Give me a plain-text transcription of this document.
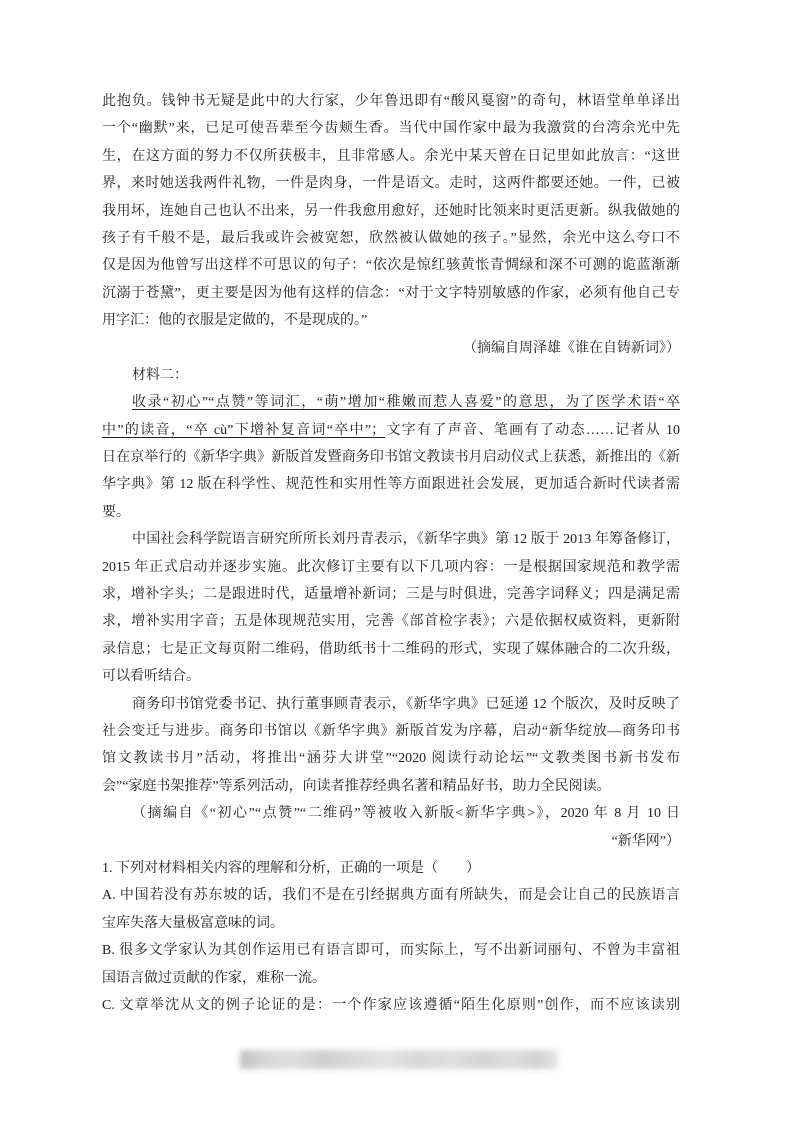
此抱负。钱钟书无疑是此中的大行家，少年鲁迅即有“酸风戛窗”的奇句，林语堂单单译出
一个“幽默”来，已足可使吾辈至今齿颊生香。当代中国作家中最为我激赏的台湾余光中先
生，在这方面的努力不仅所获极丰，且非常感人。余光中某天曾在日记里如此放言：“这世
界，来时她送我两件礼物，一件是肉身，一件是语文。走时，这两件都要还她。一件，已被
我用坏，连她自己也认不出来，另一件我愈用愈好，还她时比领来时更活更新。纵我做她的
孩子有千般不是，最后我或许会被宽恕，欣然被认做她的孩子。”显然，余光中这么夸口不
仅是因为他曾写出这样不可思议的句子：“依次是惊红骇黄怅青惆绿和深不可测的诡蓝渐渐
沉溺于苍黛”，更主要是因为他有这样的信念：“对于文字特别敏感的作家，必须有他自己专
用字汇：他的衣服是定做的，不是现成的。”
（摘编自周泽雄《谁在自铸新词》）
材料二：
收录“初心”“点赞”等词汇，“萌”增加“稚嫩而惹人喜爱”的意思，为了医学术语“卒
中”的读音，“卒 cù”下增补复音词“卒中”；文字有了声音、笔画有了动态……记者从 10
日在京举行的《新华字典》新版首发暨商务印书馆文教读书月启动仪式上获悉，新推出的《新
华字典》第 12 版在科学性、规范性和实用性等方面跟进社会发展，更加适合新时代读者需
要。
中国社会科学院语言研究所所长刘丹青表示，《新华字典》第 12 版于 2013 年筹备修订，
2015 年正式启动并逐步实施。此次修订主要有以下几项内容：一是根据国家规范和教学需
求，增补字头；二是跟进时代，适量增补新词；三是与时俱进，完善字词释义；四是满足需
求，增补实用字音；五是体现规范实用，完善《部首检字表》；六是依据权威资料，更新附
录信息；七是正文每页附二维码，借助纸书十二维码的形式，实现了媒体融合的二次升级，
可以看听结合。
商务印书馆党委书记、执行董事顾青表示，《新华字典》已延递 12 个版次，及时反映了
社会变迁与进步。商务印书馆以《新华字典》新版首发为序幕，启动“新华绽放—商务印书
馆文教读书月”活动，将推出“涵芬大讲堂”“2020 阅读行动论坛”“文教类图书新书发布
会”“家庭书架推荐”等系列活动，向读者推荐经典名著和精品好书，助力全民阅读。
（摘编自《“初心”“点赞”“二维码”等被收入新版<新华字典>》，2020 年 8 月 10 日
“新华网”）
1. 下列对材料相关内容的理解和分析，正确的一项是（　　）
A. 中国若没有苏东坡的话，我们不是在引经据典方面有所缺失，而是会让自己的民族语言
宝库失落大量极富意味的词。
B. 很多文学家认为其创作运用已有语言即可，而实际上，写不出新词丽句、不曾为丰富祖
国语言做过贡献的作家，难称一流。
C. 文章举沈从文的例子论证的是：一个作家应该遵循“陌生化原则”创作，而不应该读别
